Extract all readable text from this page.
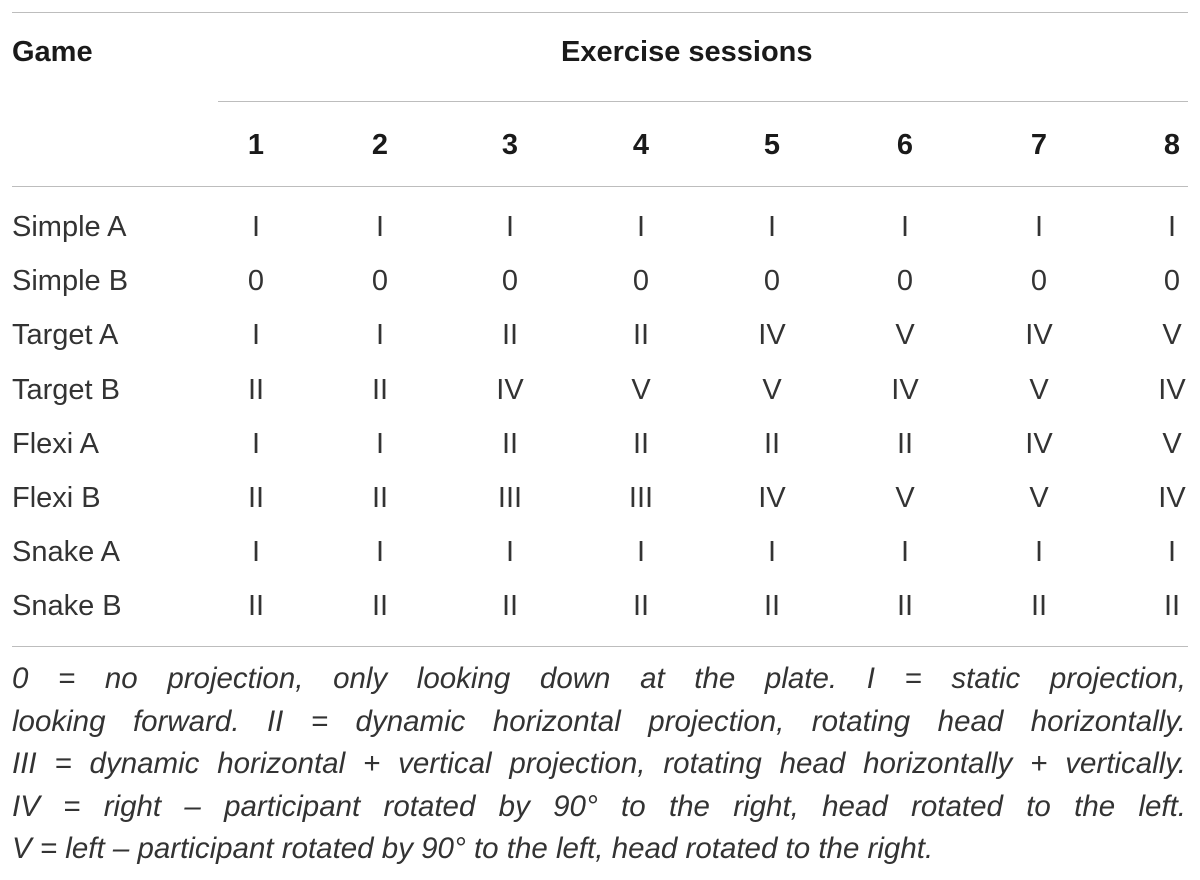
Game	Exercise sessions
1	2	3	4	5	6	7	8
Simple A	I	I	I	I	I	I	I	I
Simple B	0	0	0	0	0	0	0	0
Target A	I	I	II	II	IV	V	IV	V
Target B	II	II	IV	V	V	IV	V	IV
Flexi A	I	I	II	II	II	II	IV	V
Flexi B	II	II	III	III	IV	V	V	IV
Snake A	I	I	I	I	I	I	I	I
Snake B	II	II	II	II	II	II	II	II
0 = no projection, only looking down at the plate. I = static projection,
looking forward. II = dynamic horizontal projection, rotating head horizontally.
III = dynamic horizontal + vertical projection, rotating head horizontally + vertically.
IV = right – participant rotated by 90° to the right, head rotated to the left.
V = left – participant rotated by 90° to the left, head rotated to the right.
